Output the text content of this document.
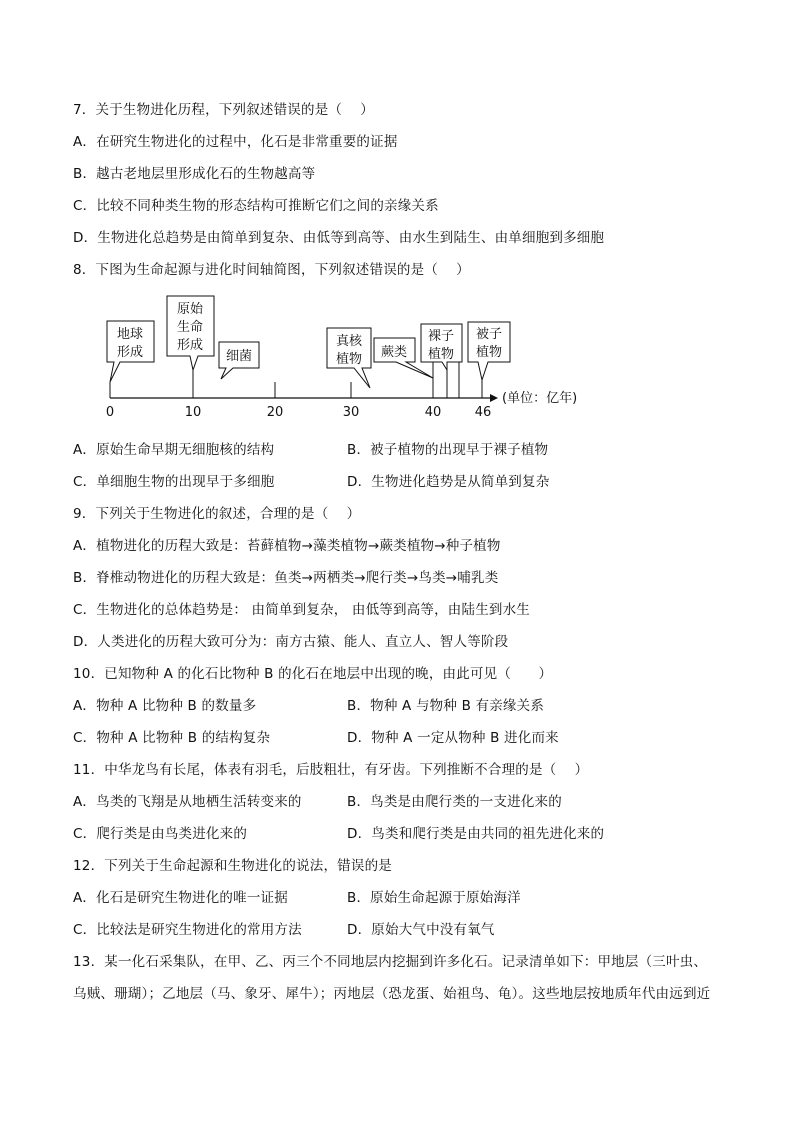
7．关于生物进化历程，下列叙述错误的是（　 ）
A．在研究生物进化的过程中，化石是非常重要的证据
B．越古老地层里形成化石的生物越高等
C．比较不同种类生物的形态结构可推断它们之间的亲缘关系
D．生物进化总趋势是由简单到复杂、由低等到高等、由水生到陆生、由单细胞到多细胞
8．下图为生命起源与进化时间轴简图，下列叙述错误的是（　 ）
0	10	20	30	40	46
(单位：亿年)
地球
形成
原始
生命
形成
细菌
真核
植物 蕨类
裸子
植物
被子
植物
A．原始生命早期无细胞核的结构	B．被子植物的出现早于裸子植物
C．单细胞生物的出现早于多细胞	D．生物进化趋势是从简单到复杂
9．下列关于生物进化的叙述，合理的是（　 ）
A．植物进化的历程大致是：苔藓植物→藻类植物→蕨类植物→种子植物
B．脊椎动物进化的历程大致是：鱼类→两栖类→爬行类→鸟类→哺乳类
C．生物进化的总体趋势是： 由简单到复杂， 由低等到高等，由陆生到水生
D．人类进化的历程大致可分为：南方古猿、能人、直立人、智人等阶段
10．已知物种 A 的化石比物种 B 的化石在地层中出现的晚，由此可见（　　）
A．物种 A 比物种 B 的数量多	B．物种 A 与物种 B 有亲缘关系
C．物种 A 比物种 B 的结构复杂	D．物种 A 一定从物种 B 进化而来
11．中华龙鸟有长尾，体表有羽毛，后肢粗壮，有牙齿。下列推断不合理的是（　 ）
A．鸟类的飞翔是从地栖生活转变来的	B．鸟类是由爬行类的一支进化来的
C．爬行类是由鸟类进化来的	D．鸟类和爬行类是由共同的祖先进化来的
12．下列关于生命起源和生物进化的说法，错误的是
A．化石是研究生物进化的唯一证据	B．原始生命起源于原始海洋
C．比较法是研究生物进化的常用方法	D．原始大气中没有氧气
13．某一化石采集队，在甲、乙、丙三个不同地层内挖掘到许多化石。记录清单如下：甲地层（三叶虫、
乌贼、珊瑚）；乙地层（马、象牙、犀牛）；丙地层（恐龙蛋、始祖鸟、龟）。这些地层按地质年代由远到近
